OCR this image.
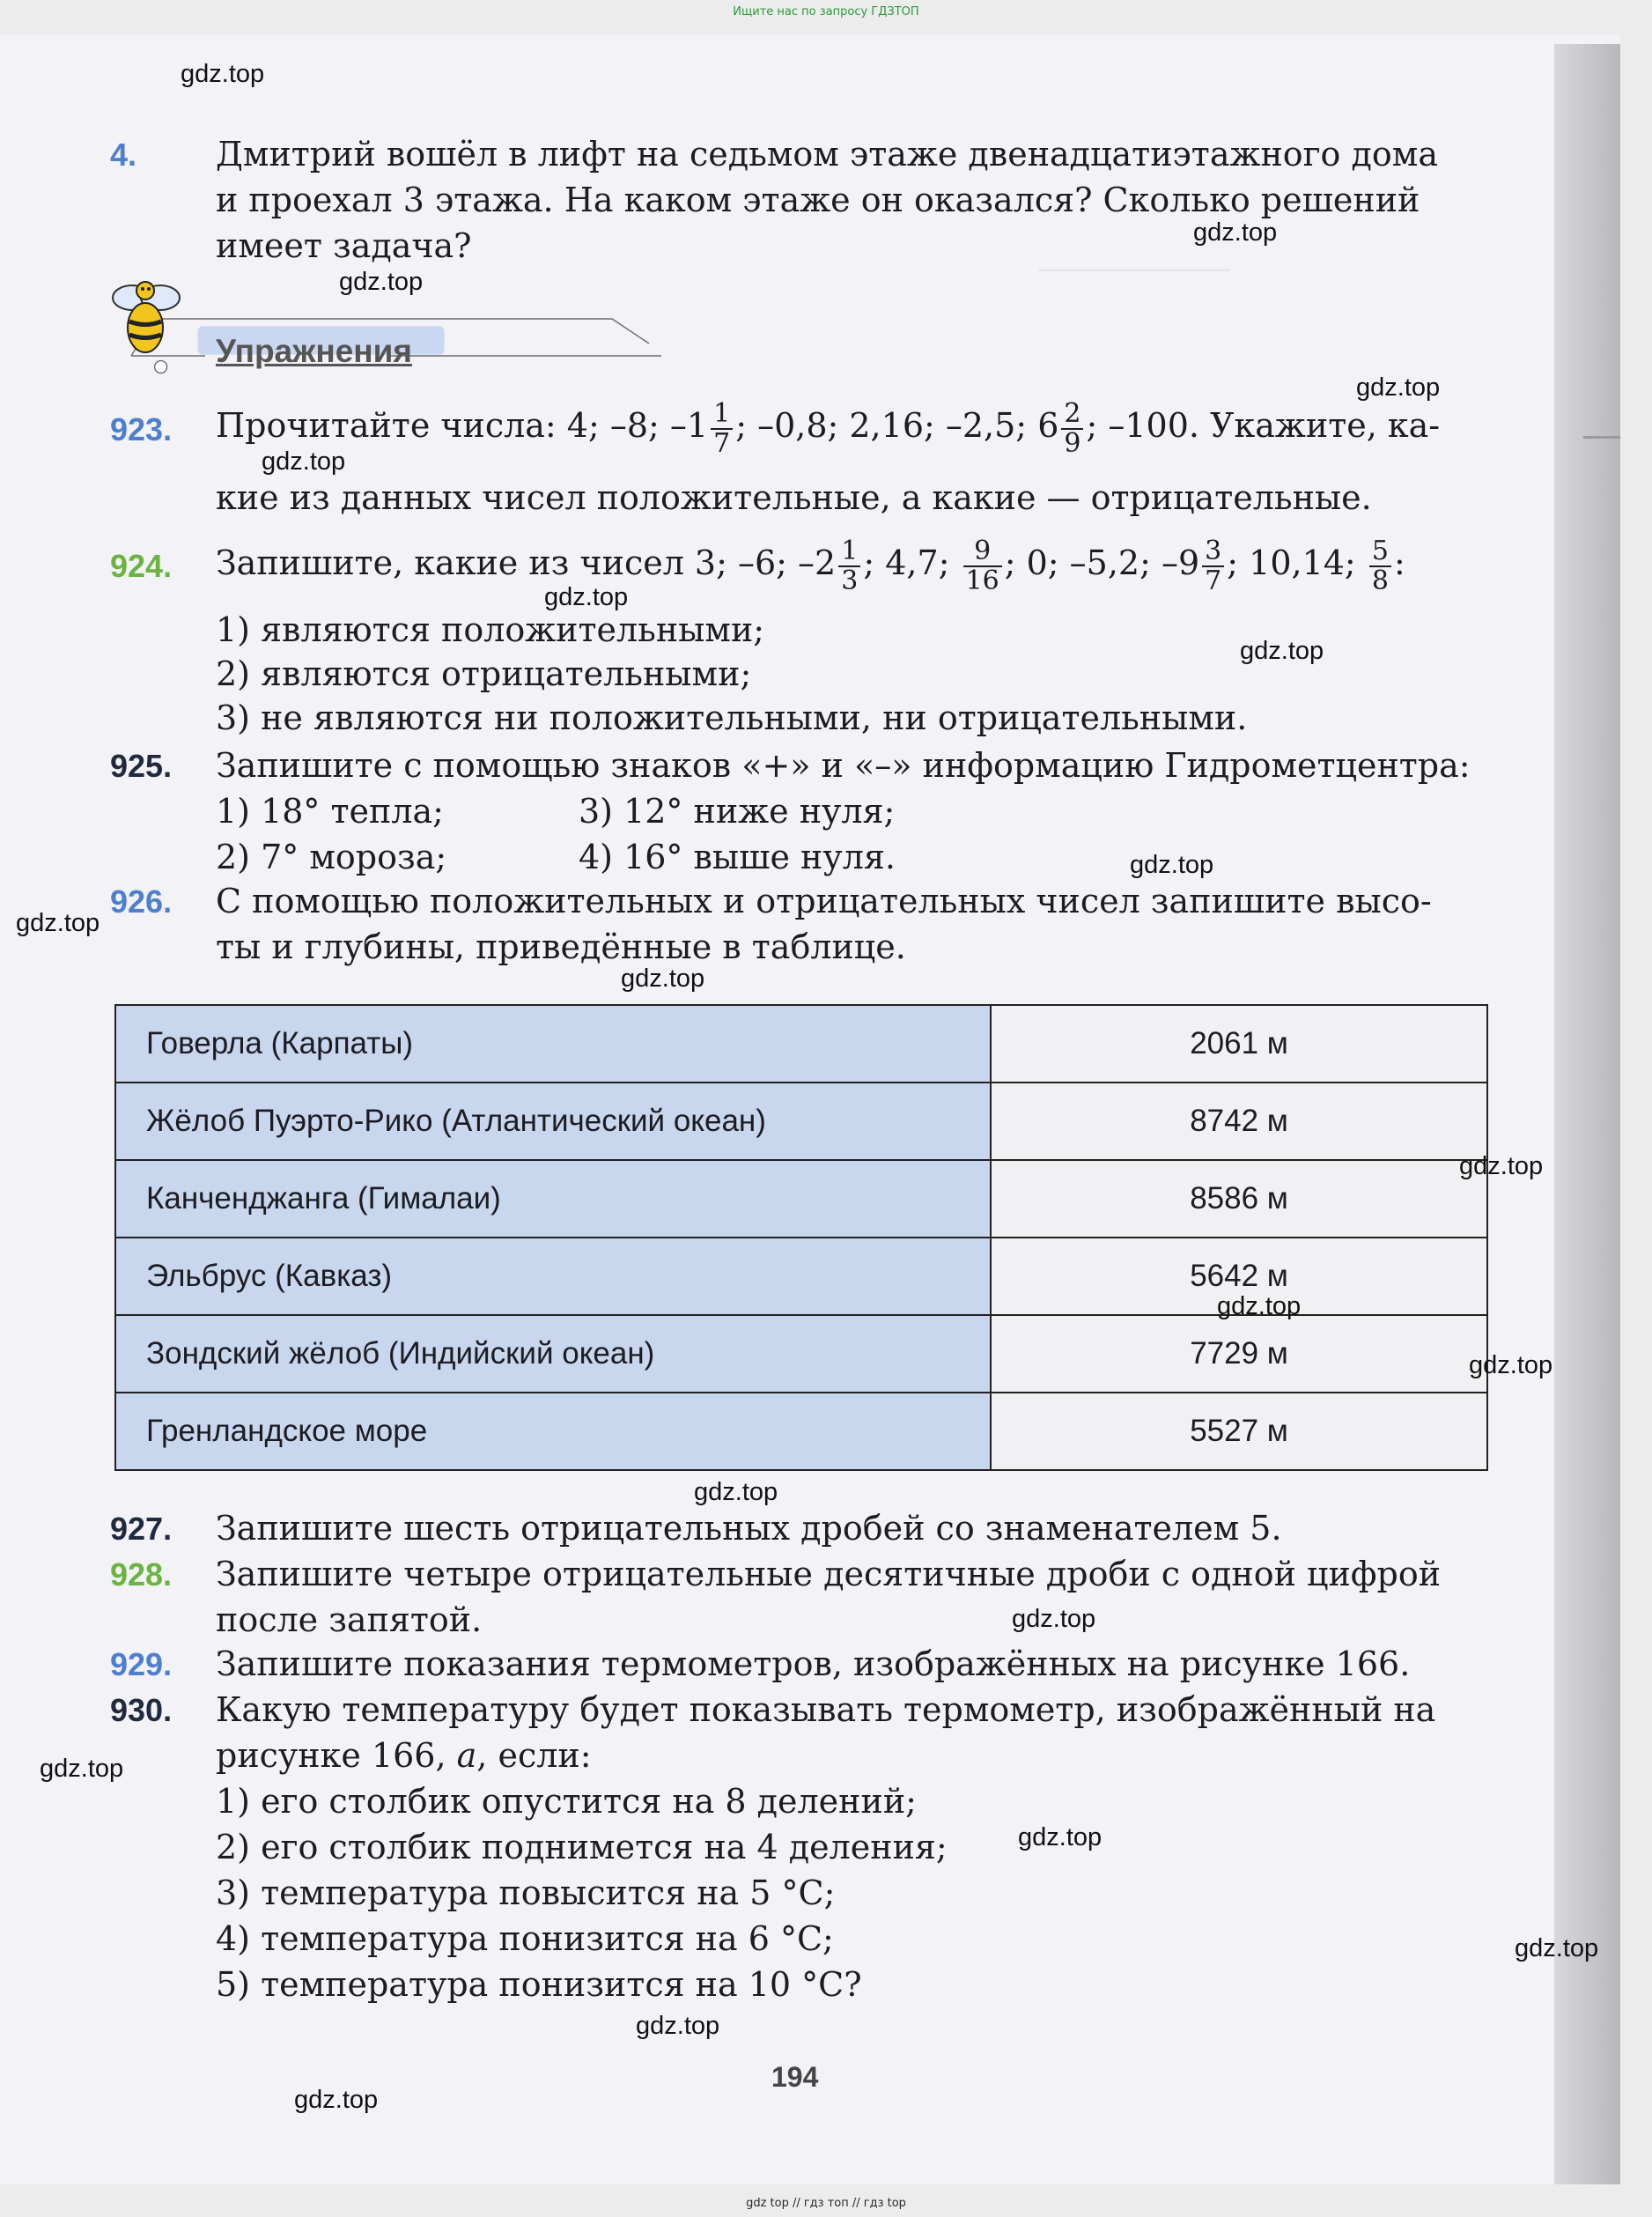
Ищите нас по запросу ГДЗТОП
────────────
4. Дмитрий вошёл в лифт на седьмом этаже двенадцатиэтажного дома
и проехал 3 этажа. На каком этаже он оказался? Сколько решений
имеет задача?
Упражнения
923. Прочитайте числа: 4; –8; $-1 \frac{1}{7}$ ; –0,8; 2,16; –2,5; $6 \frac{2}{9}$ ; –100. Укажите, ка-
кие из данных чисел положительные, а какие — отрицательные.
924. Запишите, какие из чисел 3; –6; $-2 \frac{1}{3}$ ; 4,7; $\frac{9}{16}$ ; 0; –5,2; $-9 \frac{3}{7}$ ; 10,14; $\frac{5}{8}$ :
1) являются положительными;
2) являются отрицательными;
3) не являются ни положительными, ни отрицательными.
925. Запишите с помощью знаков «+» и «–» информацию Гидрометцентра:
1) 18° тепла;
2) 7° мороза;
3) 12° ниже нуля;
4) 16° выше нуля.
926. С помощью положительных и отрицательных чисел запишите высо-
ты и глубины, приведённые в таблице.
Говерла (Карпаты)	2061 м
Жёлоб Пуэрто-Рико (Атлантический океан)	8742 м
Канченджанга (Гималаи)	8586 м
Эльбрус (Кавказ)	5642 м
Зондский жёлоб (Индийский океан)	7729 м
Гренландское море	5527 м
927. Запишите шесть отрицательных дробей со знаменателем 5.
928. Запишите четыре отрицательные десятичные дроби с одной цифрой
после запятой.
929. Запишите показания термометров, изображённых на рисунке 166.
930. Какую температуру будет показывать термометр, изображённый на
рисунке 166, а, если:
1) его столбик опустится на 8 делений;
2) его столбик поднимется на 4 деления;
3) температура повысится на 5 °C;
4) температура понизится на 6 °C;
5) температура понизится на 10 °C?
194
gdz.top
gdz.top
gdz.top
gdz.top
gdz.top
gdz.top
gdz.top
gdz.top
gdz.top
gdz.top
gdz.top
gdz.top
gdz.top
gdz.top
gdz.top
gdz.top
gdz.top
gdz.top
gdz.top
gdz.top
gdz top // гдз топ // гдз top
